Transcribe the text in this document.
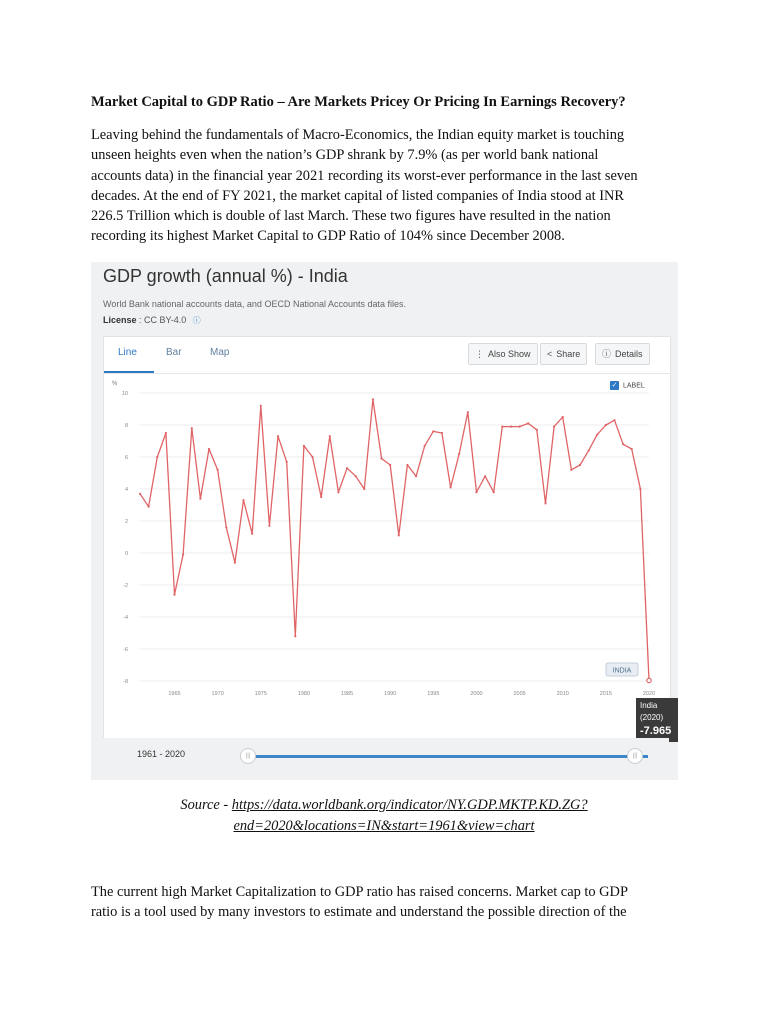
Market Capital to GDP Ratio – Are Markets Pricey Or Pricing In Earnings Recovery?
Leaving behind the fundamentals of Macro-Economics, the Indian equity market is touching
unseen heights even when the nation’s GDP shrank by 7.9% (as per world bank national
accounts data) in the financial year 2021 recording its worst-ever performance in the last seven
decades. At the end of FY 2021, the market capital of listed companies of India stood at INR
226.5 Trillion which is double of last March. These two figures have resulted in the nation
recording its highest Market Capital to GDP Ratio of 104% since December 2008.
GDP growth (annual %) - India
World Bank national accounts data, and OECD National Accounts data files.
License : CC BY-4.0 ⓘ
Line	Bar	Map	⋮ Also Show	< Share	ⓘ Details
✓ LABEL
10
8
6
4
2
0
-2
-4
-6
-8
1965	1970	1975	1980	1985	1990	1995	2000	2005	2010	2015	2020
%
INDIA
India
(2020)
-7.965
1961 - 2020	|||	|||
Source - https://data.worldbank.org/indicator/NY.GDP.MKTP.KD.ZG?
end=2020&locations=IN&start=1961&view=chart
The current high Market Capitalization to GDP ratio has raised concerns. Market cap to GDP
ratio is a tool used by many investors to estimate and understand the possible direction of the
